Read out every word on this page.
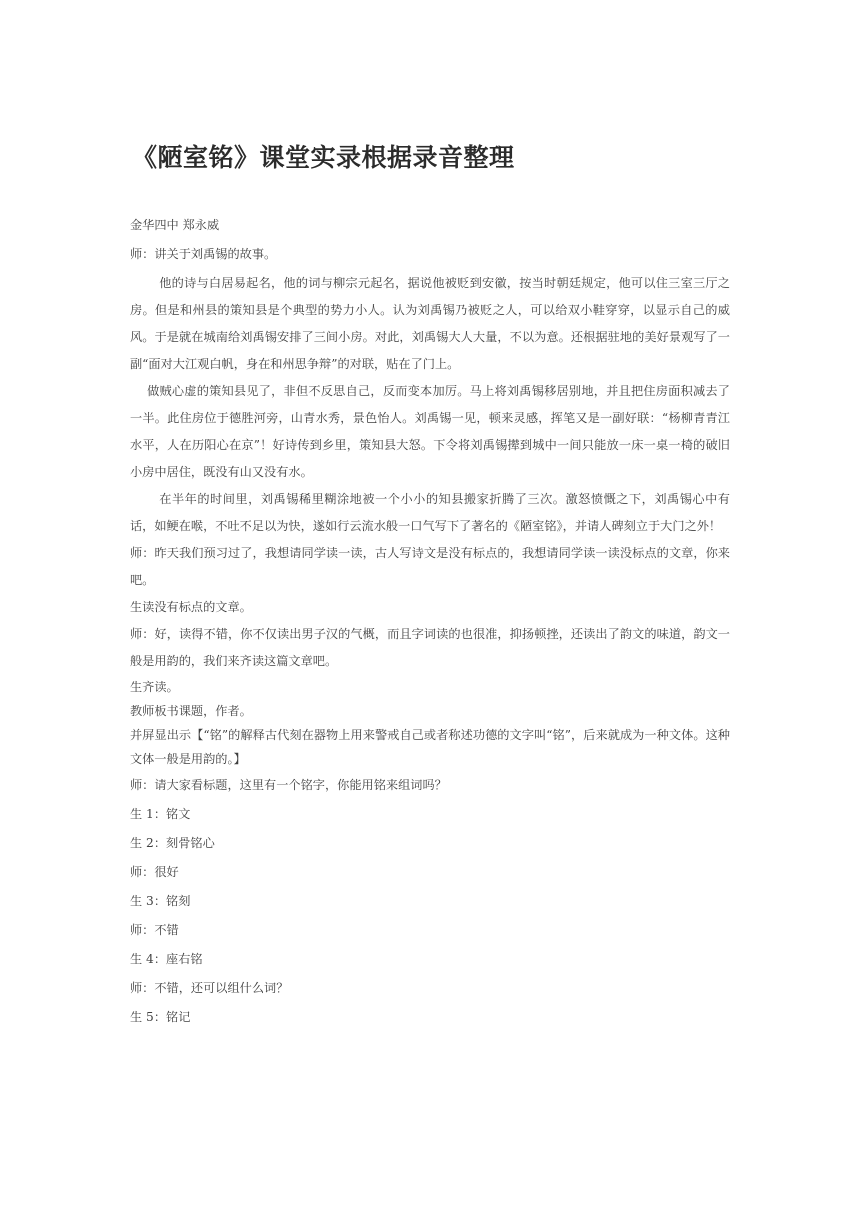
《陋室铭》课堂实录根据录音整理

金华四中 郑永威

师：讲关于刘禹锡的故事。

他的诗与白居易起名，他的词与柳宗元起名，据说他被贬到安徽，按当时朝廷规定，他可以住三室三厅之房。但是和州县的策知县是个典型的势力小人。认为刘禹锡乃被贬之人，可以给双小鞋穿穿，以显示自己的威风。于是就在城南给刘禹锡安排了三间小房。对此，刘禹锡大人大量，不以为意。还根据驻地的美好景观写了一副“面对大江观白帆，身在和州思争辩”的对联，贴在了门上。

做贼心虚的策知县见了，非但不反思自己，反而变本加厉。马上将刘禹锡移居别地，并且把住房面积减去了一半。此住房位于德胜河旁，山青水秀，景色怡人。刘禹锡一见，顿来灵感，挥笔又是一副好联：“杨柳青青江水平，人在历阳心在京”！好诗传到乡里，策知县大怒。下令将刘禹锡撵到城中一间只能放一床一桌一椅的破旧小房中居住，既没有山又没有水。

在半年的时间里，刘禹锡稀里糊涂地被一个小小的知县搬家折腾了三次。激怒愤慨之下，刘禹锡心中有话，如鲠在喉，不吐不足以为快，遂如行云流水般一口气写下了著名的《陋室铭》，并请人碑刻立于大门之外！

师：昨天我们预习过了，我想请同学读一读，古人写诗文是没有标点的，我想请同学读一读没标点的文章，你来吧。

生读没有标点的文章。

师：好，读得不错，你不仅读出男子汉的气概，而且字词读的也很准，抑扬顿挫，还读出了韵文的味道，韵文一般是用韵的，我们来齐读这篇文章吧。

生齐读。

教师板书课题，作者。

并屏显出示【“铭”的解释古代刻在器物上用来警戒自己或者称述功德的文字叫“铭”，后来就成为一种文体。这种文体一般是用韵的。】

师：请大家看标题，这里有一个铭字，你能用铭来组词吗？

生 1：铭文

生 2：刻骨铭心

师：很好

生 3：铭刻

师：不错

生 4：座右铭

师：不错，还可以组什么词？

生 5：铭记
